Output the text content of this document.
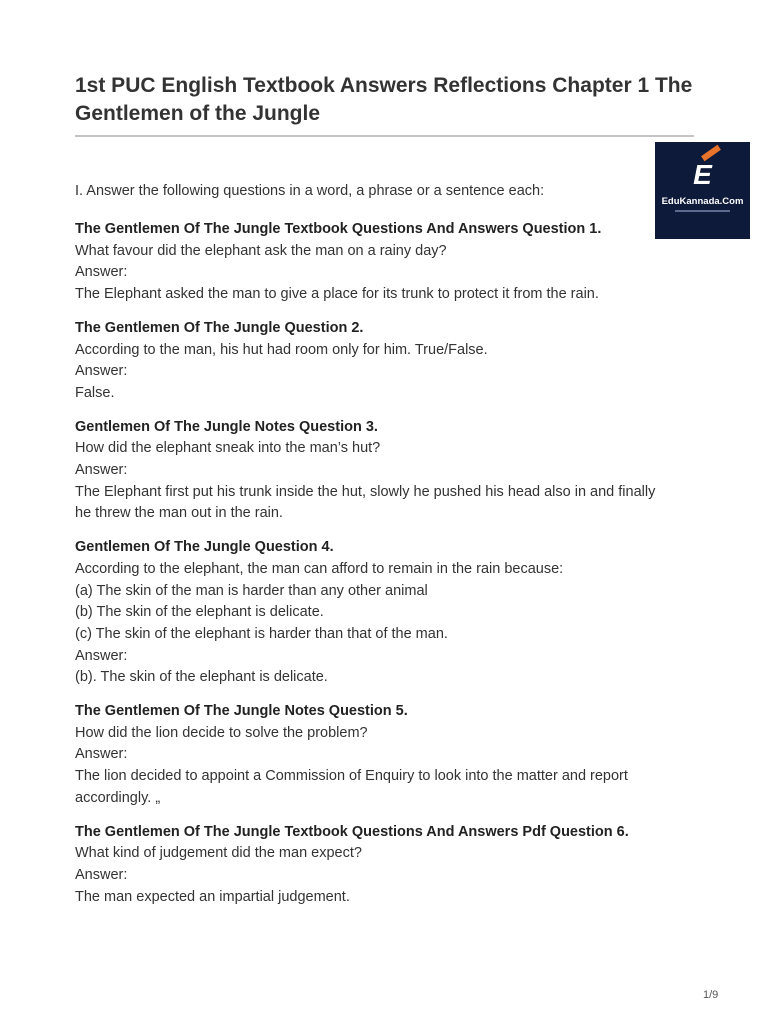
1st PUC English Textbook Answers Reflections Chapter 1 The Gentlemen of the Jungle
E
EduKannada.Com

I. Answer the following questions in a word, a phrase or a sentence each:

The Gentlemen Of The Jungle Textbook Questions And Answers Question 1.

What favour did the elephant ask the man on a rainy day?

Answer:

The Elephant asked the man to give a place for its trunk to protect it from the rain.

The Gentlemen Of The Jungle Question 2.

According to the man, his hut had room only for him. True/False.

Answer:

False.

Gentlemen Of The Jungle Notes Question 3.

How did the elephant sneak into the man’s hut?

Answer:

The Elephant first put his trunk inside the hut, slowly he pushed his head also in and finally

he threw the man out in the rain.

Gentlemen Of The Jungle Question 4.

According to the elephant, the man can afford to remain in the rain because:

(a) The skin of the man is harder than any other animal

(b) The skin of the elephant is delicate.

(c) The skin of the elephant is harder than that of the man.

Answer:

(b). The skin of the elephant is delicate.

The Gentlemen Of The Jungle Notes Question 5.

How did the lion decide to solve the problem?

Answer:

The lion decided to appoint a Commission of Enquiry to look into the matter and report

accordingly. „

The Gentlemen Of The Jungle Textbook Questions And Answers Pdf Question 6.

What kind of judgement did the man expect?

Answer:

The man expected an impartial judgement.

1/9
